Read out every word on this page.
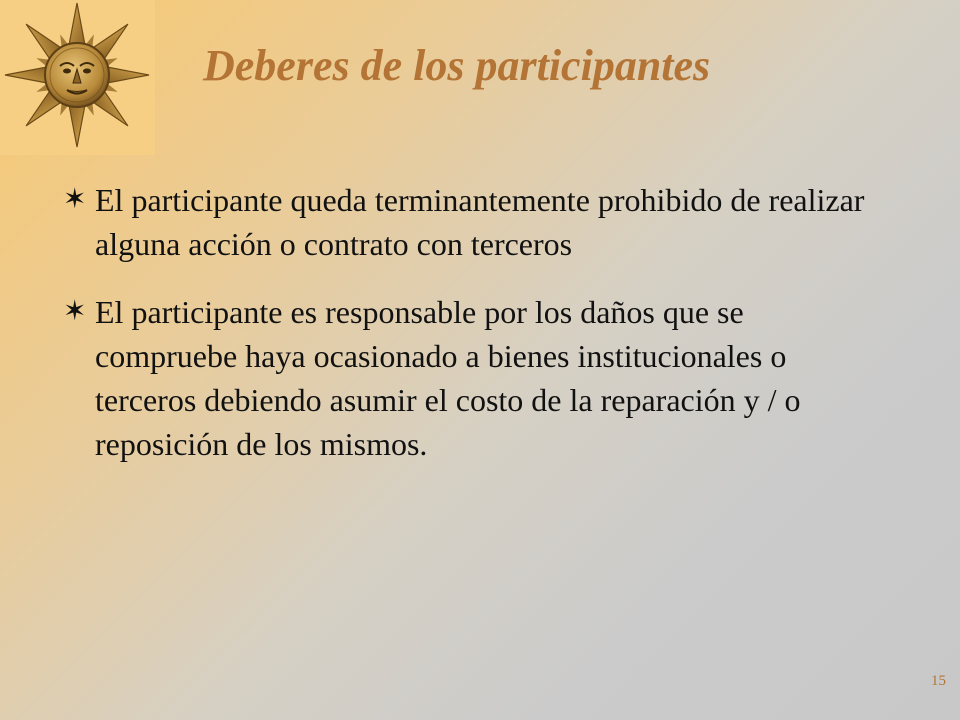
Deberes de los participantes
✶ El participante queda terminantemente prohibido de realizar alguna acción o contrato con terceros
✶ El participante es responsable por los daños que se compruebe haya ocasionado a bienes institucionales o terceros debiendo asumir el costo de la reparación y / o reposición de los mismos.
15
